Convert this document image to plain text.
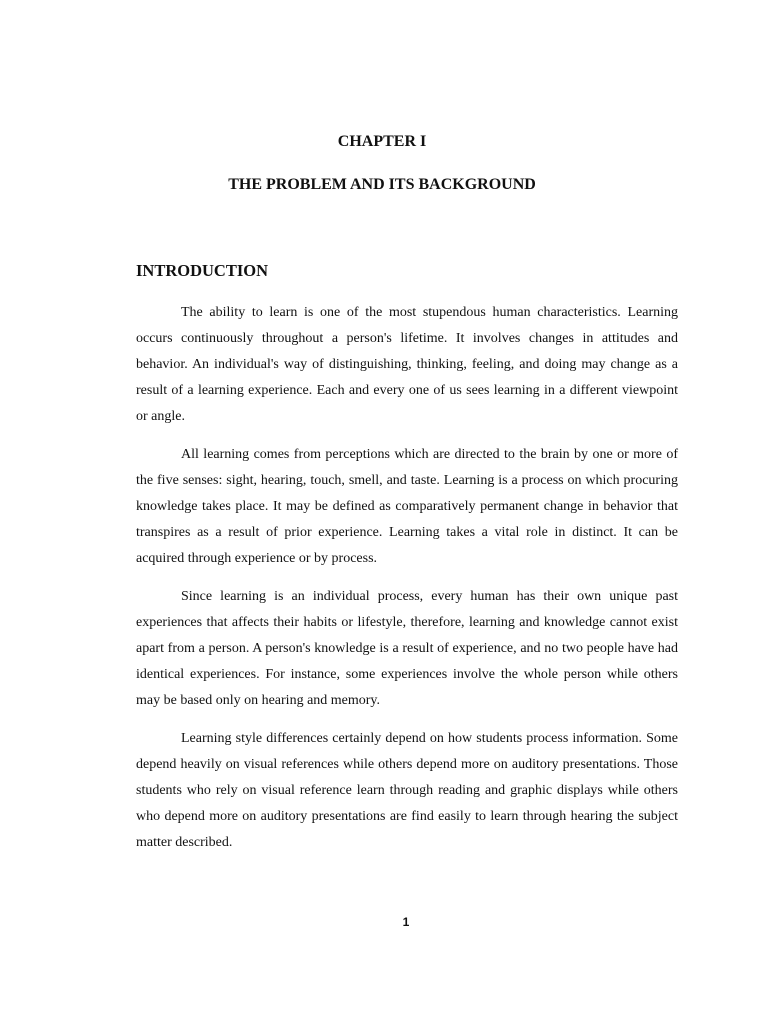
CHAPTER I
THE PROBLEM AND ITS BACKGROUND
INTRODUCTION

The ability to learn is one of the most stupendous human characteristics. Learning occurs continuously throughout a person's lifetime. It involves changes in attitudes and behavior. An individual's way of distinguishing, thinking, feeling, and doing may change as a result of a learning experience. Each and every one of us sees learning in a different viewpoint or angle.

All learning comes from perceptions which are directed to the brain by one or more of the five senses: sight, hearing, touch, smell, and taste. Learning is a process on which procuring knowledge takes place. It may be defined as comparatively permanent change in behavior that transpires as a result of prior experience. Learning takes a vital role in distinct. It can be acquired through experience or by process.

Since learning is an individual process, every human has their own unique past experiences that affects their habits or lifestyle, therefore, learning and knowledge cannot exist apart from a person. A person's knowledge is a result of experience, and no two people have had identical experiences. For instance, some experiences involve the whole person while others may be based only on hearing and memory.

Learning style differences certainly depend on how students process information. Some depend heavily on visual references while others depend more on auditory presentations. Those students who rely on visual reference learn through reading and graphic displays while others who depend more on auditory presentations are find easily to learn through hearing the subject matter described.

1
